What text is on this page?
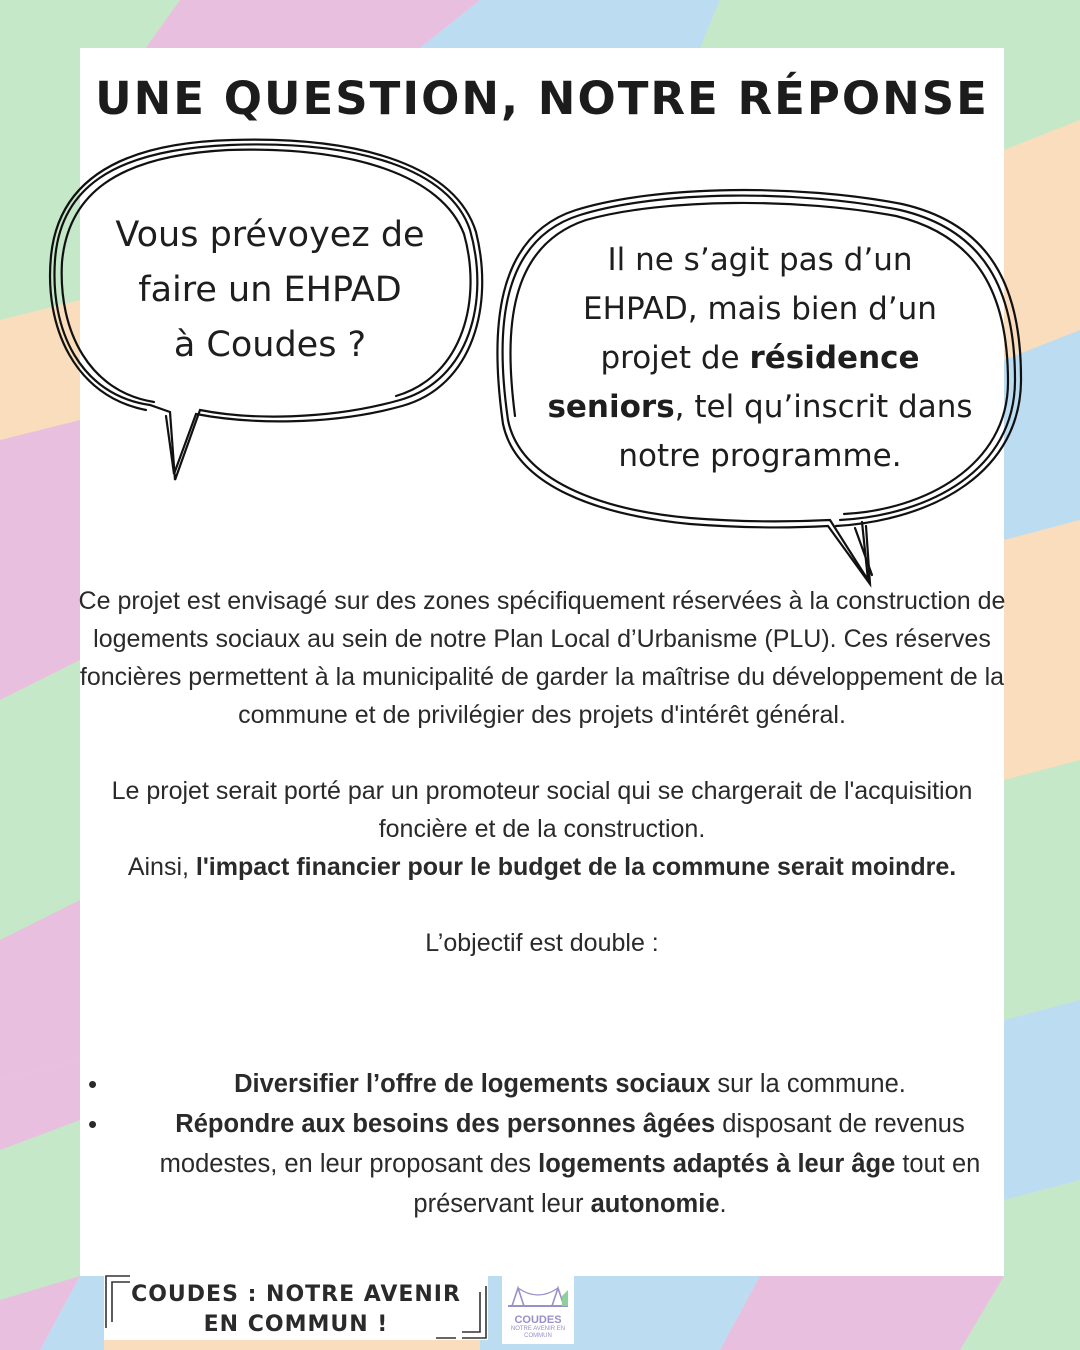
UNE QUESTION, NOTRE RÉPONSE
Vous prévoyez de
faire un EHPAD
à Coudes ?
Il ne s’agit pas d’un
EHPAD, mais bien d’un
projet de résidence
seniors, tel qu’inscrit dans
notre programme.

Ce projet est envisagé sur des zones spécifiquement réservées à la construction de logements sociaux au sein de notre Plan Local d’Urbanisme (PLU). Ces réserves foncières permettent à la municipalité de garder la maîtrise du développement de la commune et de privilégier des projets d'intérêt général.

Le projet serait porté par un promoteur social qui se chargerait de l'acquisition foncière et de la construction.

Ainsi, l'impact financier pour le budget de la commune serait moindre.

L’objectif est double :

•	Diversifier l’offre de logements sociaux sur la commune.
•	Répondre aux besoins des personnes âgées disposant de revenus modestes, en leur proposant des logements adaptés à leur âge tout en préservant leur autonomie.
COUDES : NOTRE AVENIR
EN COMMUN !	COUDES
NOTRE AVENIR EN COMMUN
